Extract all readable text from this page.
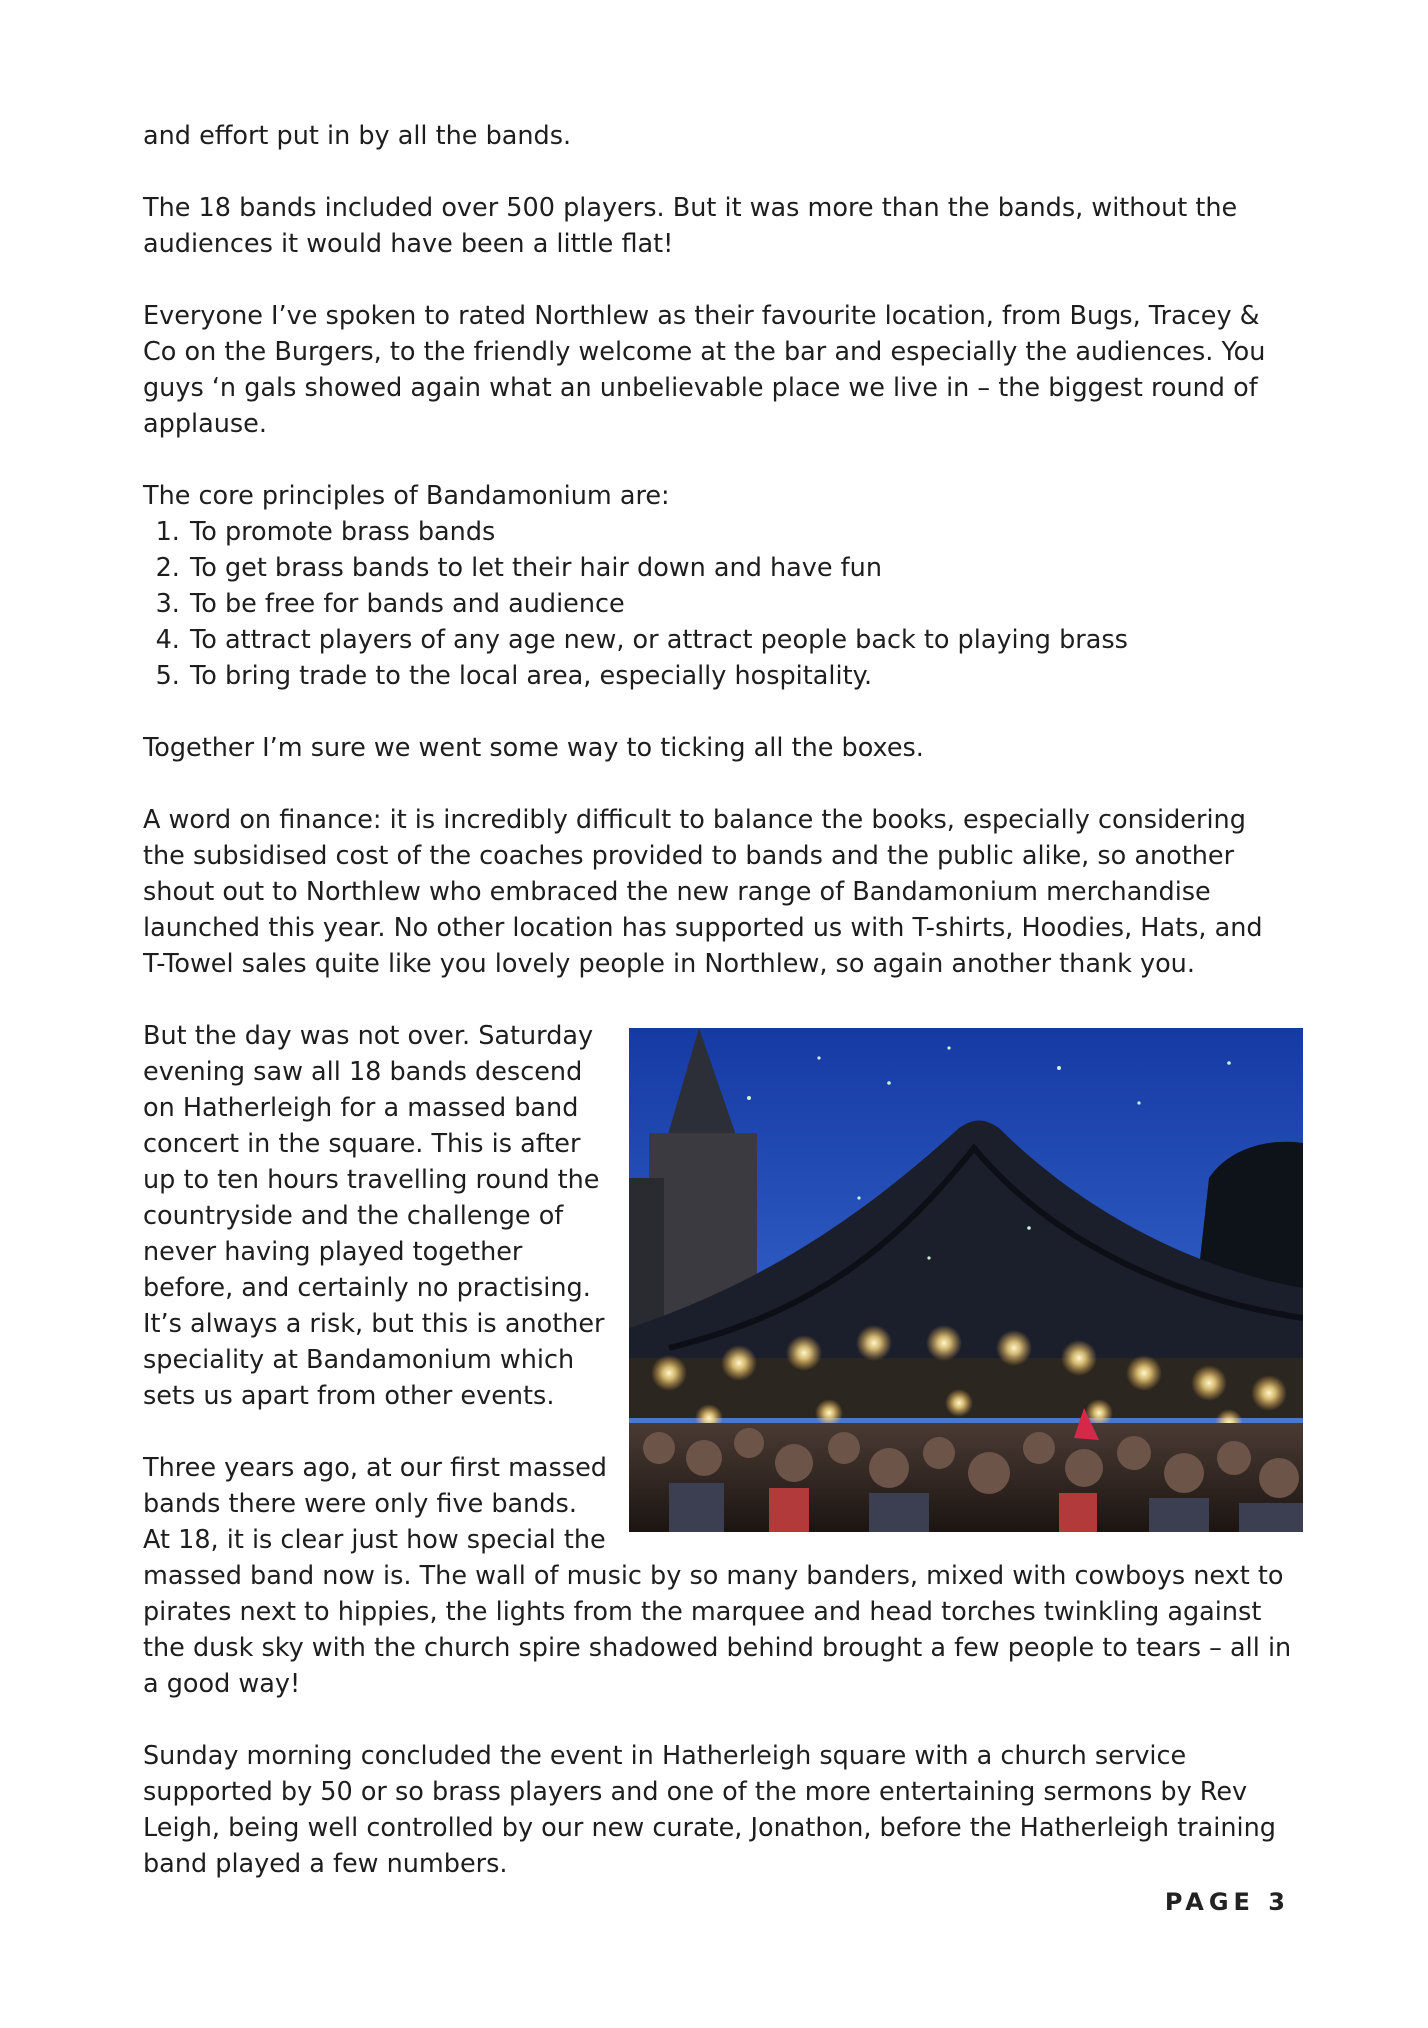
and effort put in by all the bands.

The 18 bands included over 500 players. But it was more than the bands, without the audiences it would have been a little flat!

Everyone I’ve spoken to rated Northlew as their favourite location, from Bugs, Tracey & Co on the Burgers, to the friendly welcome at the bar and especially the audiences. You guys ‘n gals showed again what an unbelievable place we live in – the biggest round of applause.

The core principles of Bandamonium are:

1. To promote brass bands
2. To get brass bands to let their hair down and have fun
3. To be free for bands and audience
4. To attract players of any age new, or attract people back to playing brass
5. To bring trade to the local area, especially hospitality.

Together I’m sure we went some way to ticking all the boxes.

A word on finance: it is incredibly difficult to balance the books, especially considering the subsidised cost of the coaches provided to bands and the public alike, so another shout out to Northlew who embraced the new range of Bandamonium merchandise launched this year. No other location has supported us with T-shirts, Hoodies, Hats, and T-Towel sales quite like you lovely people in Northlew, so again another thank you.

But the day was not over. Saturday evening saw all 18 bands descend on Hatherleigh for a massed band concert in the square. This is after up to ten hours travelling round the countryside and the challenge of never having played together before, and certainly no practising. It’s always a risk, but this is another speciality at Bandamonium which sets us apart from other events.

Three years ago, at our first massed bands there were only five bands. At 18, it is clear just how special the massed band now is. The wall of music by so many banders, mixed with cowboys next to pirates next to hippies, the lights from the marquee and head torches twinkling against the dusk sky with the church spire shadowed behind brought a few people to tears – all in a good way!

Sunday morning concluded the event in Hatherleigh square with a church service supported by 50 or so brass players and one of the more entertaining sermons by Rev Leigh, being well controlled by our new curate, Jonathon, before the Hatherleigh training band played a few numbers.

PAGE 3
